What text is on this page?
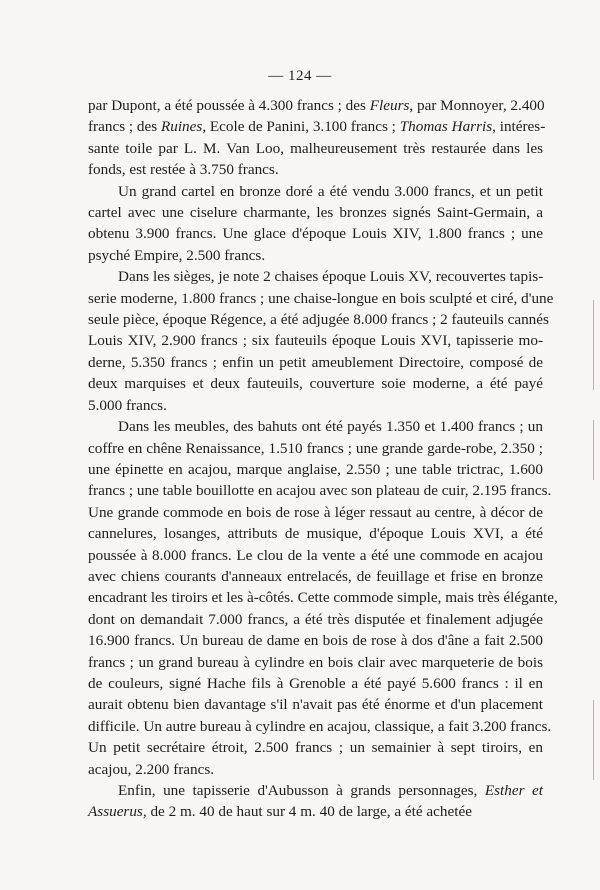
— 124 —

par Dupont, a été poussée à 4.300 francs ; des Fleurs, par Monnoyer, 2.400
francs ; des Ruines, Ecole de Panini, 3.100 francs ; Thomas Harris, intéres-
sante toile par L. M. Van Loo, malheureusement très restaurée dans les
fonds, est restée à 3.750 francs.

Un grand cartel en bronze doré a été vendu 3.000 francs, et un petit
cartel avec une ciselure charmante, les bronzes signés Saint-Germain, a
obtenu 3.900 francs. Une glace d'époque Louis XIV, 1.800 francs ; une
psyché Empire, 2.500 francs.

Dans les sièges, je note 2 chaises époque Louis XV, recouvertes tapis-
serie moderne, 1.800 francs ; une chaise-longue en bois sculpté et ciré, d'une
seule pièce, époque Régence, a été adjugée 8.000 francs ; 2 fauteuils cannés
Louis XIV, 2.900 francs ; six fauteuils époque Louis XVI, tapisserie mo-
derne, 5.350 francs ; enfin un petit ameublement Directoire, composé de
deux marquises et deux fauteuils, couverture soie moderne, a été payé
5.000 francs.

Dans les meubles, des bahuts ont été payés 1.350 et 1.400 francs ; un
coffre en chêne Renaissance, 1.510 francs ; une grande garde-robe, 2.350 ;
une épinette en acajou, marque anglaise, 2.550 ; une table trictrac, 1.600
francs ; une table bouillotte en acajou avec son plateau de cuir, 2.195 francs.
Une grande commode en bois de rose à léger ressaut au centre, à décor de
cannelures, losanges, attributs de musique, d'époque Louis XVI, a été
poussée à 8.000 francs. Le clou de la vente a été une commode en acajou
avec chiens courants d'anneaux entrelacés, de feuillage et frise en bronze
encadrant les tiroirs et les à-côtés. Cette commode simple, mais très élégante,
dont on demandait 7.000 francs, a été très disputée et finalement adjugée
16.900 francs. Un bureau de dame en bois de rose à dos d'âne a fait 2.500
francs ; un grand bureau à cylindre en bois clair avec marqueterie de bois
de couleurs, signé Hache fils à Grenoble a été payé 5.600 francs : il en
aurait obtenu bien davantage s'il n'avait pas été énorme et d'un placement
difficile. Un autre bureau à cylindre en acajou, classique, a fait 3.200 francs.
Un petit secrétaire étroit, 2.500 francs ; un semainier à sept tiroirs, en
acajou, 2.200 francs.

Enfin, une tapisserie d'Aubusson à grands personnages, Esther et
Assuerus, de 2 m. 40 de haut sur 4 m. 40 de large, a été achetée
